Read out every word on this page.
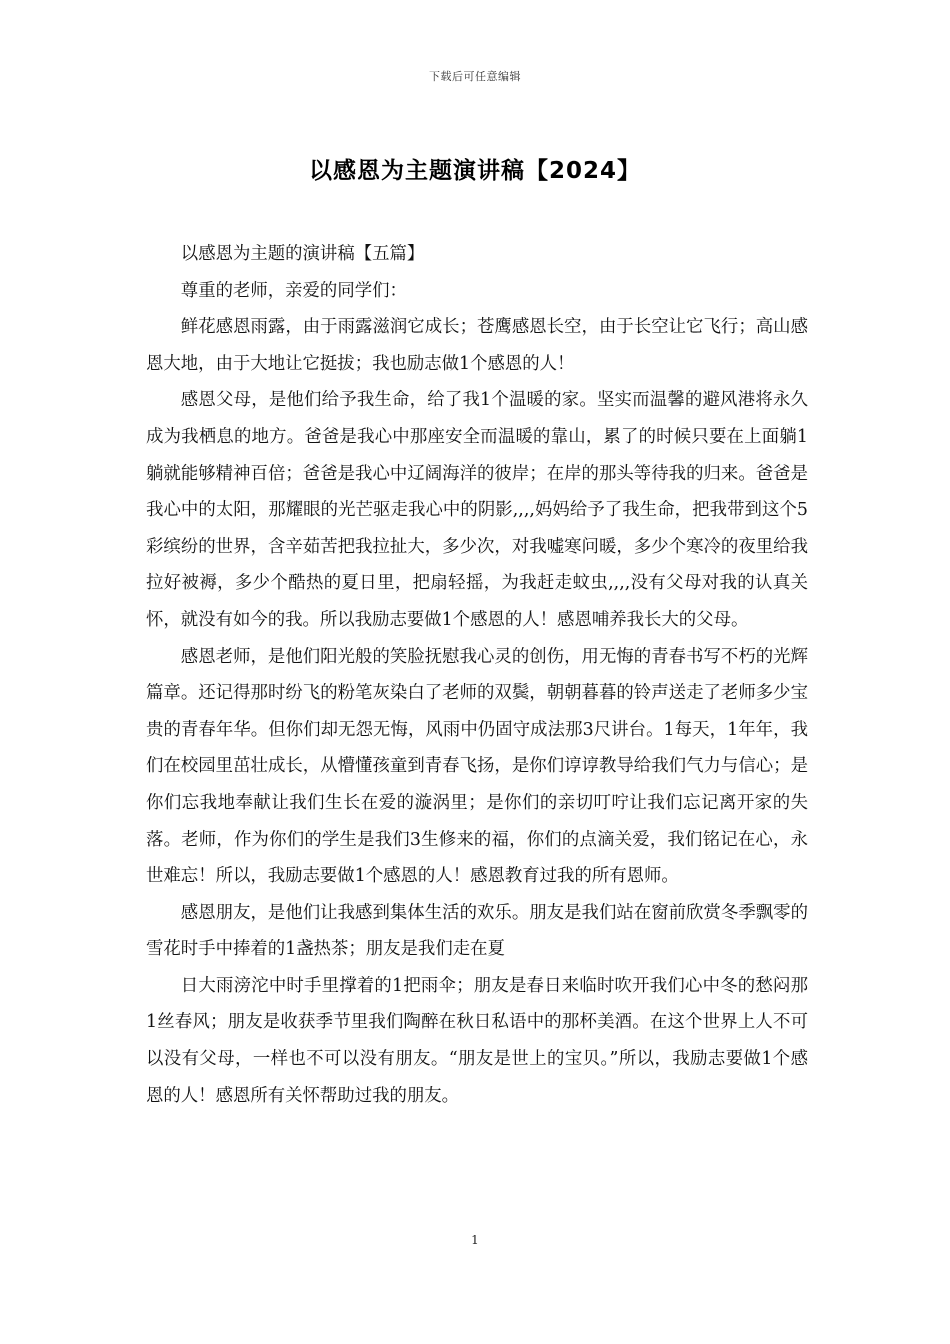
下载后可任意编辑
以感恩为主题演讲稿【2024】

以感恩为主题的演讲稿【五篇】

尊重的老师，亲爱的同学们：

鲜花感恩雨露，由于雨露滋润它成长；苍鹰感恩长空，由于长空让它飞行；高山感恩大地，由于大地让它挺拔；我也励志做1个感恩的人！

感恩父母，是他们给予我生命，给了我1个温暖的家。坚实而温馨的避风港将永久成为我栖息的地方。爸爸是我心中那座安全而温暖的靠山，累了的时候只要在上面躺1躺就能够精神百倍；爸爸是我心中辽阔海洋的彼岸；在岸的那头等待我的归来。爸爸是我心中的太阳，那耀眼的光芒驱走我心中的阴影,,,,妈妈给予了我生命，把我带到这个5彩缤纷的世界，含辛茹苦把我拉扯大，多少次，对我嘘寒问暖，多少个寒冷的夜里给我拉好被褥，多少个酷热的夏日里，把扇轻摇，为我赶走蚊虫,,,,没有父母对我的认真关怀，就没有如今的我。所以我励志要做1个感恩的人！感恩哺养我长大的父母。

感恩老师，是他们阳光般的笑脸抚慰我心灵的创伤，用无悔的青春书写不朽的光辉篇章。还记得那时纷飞的粉笔灰染白了老师的双鬓，朝朝暮暮的铃声送走了老师多少宝贵的青春年华。但你们却无怨无悔，风雨中仍固守成法那3尺讲台。1每天，1年年，我们在校园里茁壮成长，从懵懂孩童到青春飞扬，是你们谆谆教导给我们气力与信心；是你们忘我地奉献让我们生长在爱的漩涡里；是你们的亲切叮咛让我们忘记离开家的失落。老师，作为你们的学生是我们3生修来的福，你们的点滴关爱，我们铭记在心，永世难忘！所以，我励志要做1个感恩的人！感恩教育过我的所有恩师。

感恩朋友，是他们让我感到集体生活的欢乐。朋友是我们站在窗前欣赏冬季飘零的雪花时手中捧着的1盏热茶；朋友是我们走在夏

日大雨滂沱中时手里撑着的1把雨伞；朋友是春日来临时吹开我们心中冬的愁闷那1丝春风；朋友是收获季节里我们陶醉在秋日私语中的那杯美酒。在这个世界上人不可以没有父母，一样也不可以没有朋友。“朋友是世上的宝贝。”所以，我励志要做1个感恩的人！感恩所有关怀帮助过我的朋友。

1
